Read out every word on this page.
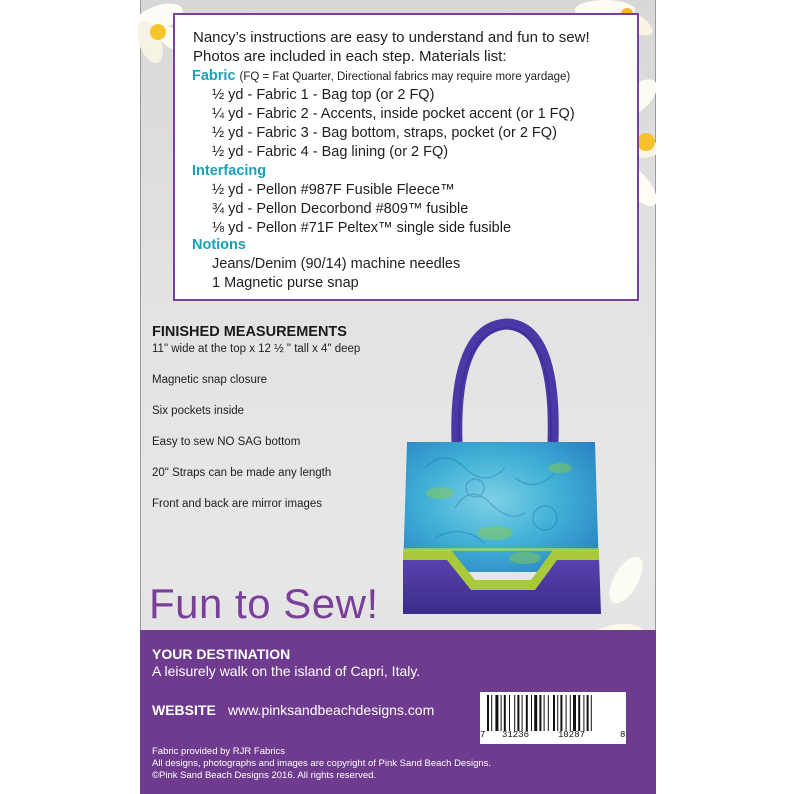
Nancy’s instructions are easy to understand and fun to sew!
Photos are included in each step. Materials list:
Fabric (FQ = Fat Quarter, Directional fabrics may require more yardage)
½ yd - Fabric 1 - Bag top (or 2 FQ)
¼ yd - Fabric 2 - Accents, inside pocket accent (or 1 FQ)
½ yd - Fabric 3 - Bag bottom, straps, pocket (or 2 FQ)
½ yd - Fabric 4 - Bag lining (or 2 FQ)
Interfacing
½ yd - Pellon #987F Fusible Fleece™
¾ yd - Pellon Decorbond #809™ fusible
⅛ yd - Pellon #71F Peltex™ single side fusible
Notions
Jeans/Denim (90/14) machine needles
1 Magnetic purse snap
FINISHED MEASUREMENTS
11" wide at the top x 12 ½ " tall x 4" deep
Magnetic snap closure
Six pockets inside
Easy to sew NO SAG bottom
20" Straps can be made any length
Front and back are mirror images
Fun to Sew!
YOUR DESTINATION
A leisurely walk on the island of Capri, Italy.
WEBSITE www.pinksandbeachdesigns.com
Fabric provided by RJR Fabrics
All designs, photographs and images are copyright of Pink Sand Beach Designs.
©Pink Sand Beach Designs 2016. All rights reserved.
7 31236	10287	8
